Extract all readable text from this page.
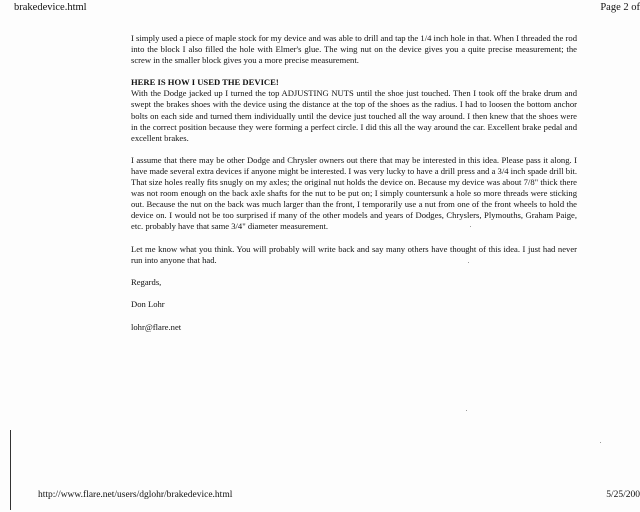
brakedevice.html	Page 2 of

I simply used a piece of maple stock for my device and was able to drill and tap the 1/4 inch hole in that. When I threaded the rod into the block I also filled the hole with Elmer's glue. The wing nut on the device gives you a quite precise measurement; the screw in the smaller block gives you a more precise measurement.

HERE IS HOW I USED THE DEVICE!

With the Dodge jacked up I turned the top ADJUSTING NUTS until the shoe just touched. Then I took off the brake drum and swept the brakes shoes with the device using the distance at the top of the shoes as the radius. I had to loosen the bottom anchor bolts on each side and turned them individually until the device just touched all the way around. I then knew that the shoes were in the correct position because they were forming a perfect circle. I did this all the way around the car. Excellent brake pedal and excellent brakes.

I assume that there may be other Dodge and Chrysler owners out there that may be interested in this idea. Please pass it along. I have made several extra devices if anyone might be interested. I was very lucky to have a drill press and a 3/4 inch spade drill bit. That size holes really fits snugly on my axles; the original nut holds the device on. Because my device was about 7/8" thick there was not room enough on the back axle shafts for the nut to be put on; I simply countersunk a hole so more threads were sticking out. Because the nut on the back was much larger than the front, I temporarily use a nut from one of the front wheels to hold the device on. I would not be too surprised if many of the other models and years of Dodges, Chryslers, Plymouths, Graham Paige, etc. probably have that same 3/4" diameter measurement.

Let me know what you think. You will probably will write back and say many others have thought of this idea. I just had never run into anyone that had.

Regards,

Don Lohr

lohr@flare.net

http://www.flare.net/users/dglohr/brakedevice.html	5/25/200
